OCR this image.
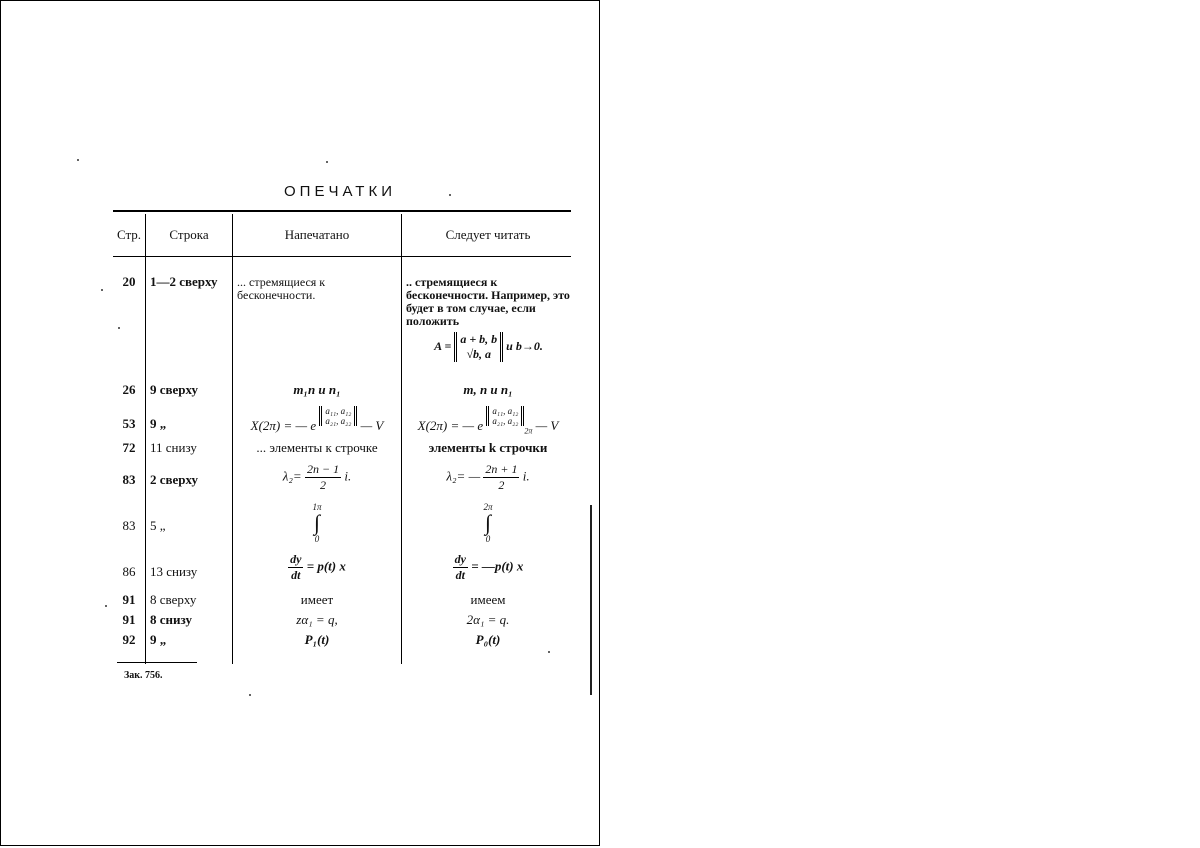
ОПЕЧАТКИ
Стр.	Строка	Напечатано	Следует читать

20	1—2 сверху	... стремящиеся к бесконечности.	.. стремящиеся к бесконечности. Например, это будет в том случае, если положить
A = a + b, b
√b, a
и b→0.

26	9 сверху	m₁n и n₁	m, n и n₁
53	9 „	X(2π) = — e
a₁₁, a₁₂
a₂₁, a₂₂ — V	X(2π) = — e
a₁₁, a₁₂
a₂₁, a₂₂
$_{2\pi}$ — V
72	11 снизу	... элементы к строчке	элементы k строчки
83	2 сверху	$\lambda_2= \frac{2n - 1}{2} i$.	λ₂= — $\frac{2n + 1}{2} i$.
83	5 „	1π
∫
0	2π
∫
0

86	13 снизу	$\frac{dy}{dt} = p(t)$ x	$\frac{dy}{dt}$ = —p(t) x
91	8 сверху	имеет	имеем
91	8 снизу	zα₁ = q,	2α₁ = q.
92	9 „	P₁(t)	P₀(t)
Зак. 756.
